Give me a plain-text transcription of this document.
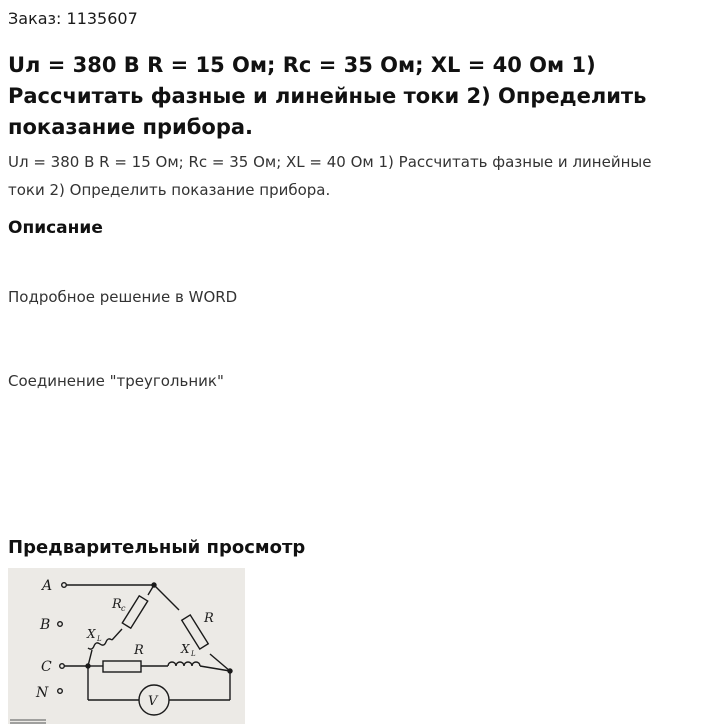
Заказ: 1135607
Uл = 380 В R = 15 Ом; Rc = 35 Ом; XL = 40 Ом 1) Рассчитать фазные и линейные токи 2) Определить показание прибора.

Uл = 380 В R = 15 Ом; Rc = 35 Ом; XL = 40 Ом 1) Рассчитать фазные и линейные токи 2) Определить показание прибора.

Описание

Подробное решение в WORD

Соединение "треугольник"

Предварительный просмотр
A
B
C
N
R c
X L
R
R	X L
V
